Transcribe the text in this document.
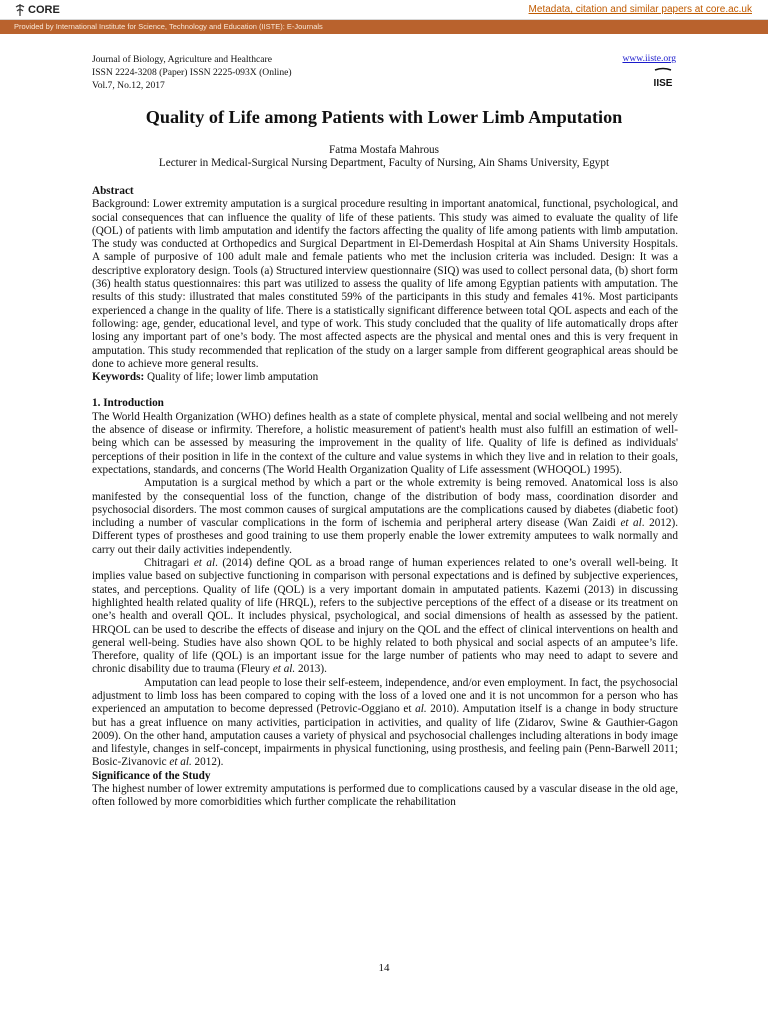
CORE	Metadata, citation and similar papers at core.ac.uk
Provided by International Institute for Science, Technology and Education (IISTE): E-Journals
Journal of Biology, Agriculture and Healthcare
ISSN 2224-3208 (Paper) ISSN 2225-093X (Online)
Vol.7, No.12, 2017
www.iiste.org
IISE
Quality of Life among Patients with Lower Limb Amputation
Fatma Mostafa Mahrous
Lecturer in Medical-Surgical Nursing Department, Faculty of Nursing, Ain Shams University, Egypt
Abstract

Background: Lower extremity amputation is a surgical procedure resulting in important anatomical, functional, psychological, and social consequences that can influence the quality of life of these patients. This study was aimed to evaluate the quality of life (QOL) of patients with limb amputation and identify the factors affecting the quality of life among patients with limb amputation. The study was conducted at Orthopedics and Surgical Department in El-Demerdash Hospital at Ain Shams University Hospitals. A sample of purposive of 100 adult male and female patients who met the inclusion criteria was included. Design: It was a descriptive exploratory design. Tools (a) Structured interview questionnaire (SIQ) was used to collect personal data, (b) short form (36) health status questionnaires: this part was utilized to assess the quality of life among Egyptian patients with amputation. The results of this study: illustrated that males constituted 59% of the participants in this study and females 41%. Most participants experienced a change in the quality of life. There is a statistically significant difference between total QOL aspects and each of the following: age, gender, educational level, and type of work. This study concluded that the quality of life automatically drops after losing any important part of one’s body. The most affected aspects are the physical and mental ones and this is very frequent in amputation. This study recommended that replication of the study on a larger sample from different geographical areas should be done to achieve more general results.

Keywords: Quality of life; lower limb amputation

1. Introduction

The World Health Organization (WHO) defines health as a state of complete physical, mental and social wellbeing and not merely the absence of disease or infirmity. Therefore, a holistic measurement of patient's health must also fulfill an estimation of well-being which can be assessed by measuring the improvement in the quality of life. Quality of life is defined as individuals' perceptions of their position in life in the context of the culture and value systems in which they live and in relation to their goals, expectations, standards, and concerns (The World Health Organization Quality of Life assessment (WHOQOL) 1995).

Amputation is a surgical method by which a part or the whole extremity is being removed. Anatomical loss is also manifested by the consequential loss of the function, change of the distribution of body mass, coordination disorder and psychosocial disorders. The most common causes of surgical amputations are the complications caused by diabetes (diabetic foot) including a number of vascular complications in the form of ischemia and peripheral artery disease (Wan Zaidi et al. 2012). Different types of prostheses and good training to use them properly enable the lower extremity amputees to walk normally and carry out their daily activities independently.

Chitragari et al. (2014) define QOL as a broad range of human experiences related to one’s overall well-being. It implies value based on subjective functioning in comparison with personal expectations and is defined by subjective experiences, states, and perceptions. Quality of life (QOL) is a very important domain in amputated patients. Kazemi (2013) in discussing highlighted health related quality of life (HRQL), refers to the subjective perceptions of the effect of a disease or its treatment on one’s health and overall QOL. It includes physical, psychological, and social dimensions of health as assessed by the patient. HRQOL can be used to describe the effects of disease and injury on the QOL and the effect of clinical interventions on health and general well-being. Studies have also shown QOL to be highly related to both physical and social aspects of an amputee’s life. Therefore, quality of life (QOL) is an important issue for the large number of patients who may need to adapt to severe and chronic disability due to trauma (Fleury et al. 2013).

Amputation can lead people to lose their self-esteem, independence, and/or even employment. In fact, the psychosocial adjustment to limb loss has been compared to coping with the loss of a loved one and it is not uncommon for a person who has experienced an amputation to become depressed (Petrovic-Oggiano et al. 2010). Amputation itself is a change in body structure but has a great influence on many activities, participation in activities, and quality of life (Zidarov, Swine & Gauthier-Gagon 2009). On the other hand, amputation causes a variety of physical and psychosocial challenges including alterations in body image and lifestyle, changes in self-concept, impairments in physical functioning, using prosthesis, and feeling pain (Penn-Barwell 2011; Bosic-Zivanovic et al. 2012).

Significance of the Study

The highest number of lower extremity amputations is performed due to complications caused by a vascular disease in the old age, often followed by more comorbidities which further complicate the rehabilitation

14
